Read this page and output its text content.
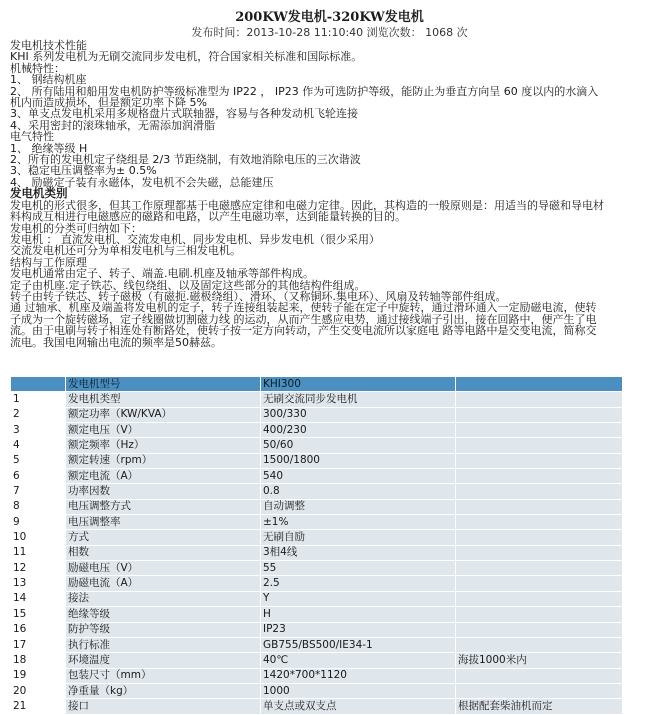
200KW发电机-320KW发电机
发布时间：2013-10-28 11:10:40 浏览次数： 1068 次

发电机技术性能

KHI 系列发电机为无刷交流同步发电机，符合国家相关标准和国际标准。

机械特性：

1、 钢结构机座

2、 所有陆用和船用发电机防护等级标准型为 IP22 ， IP23 作为可选防护等级，能防止为垂直方向呈 60 度以内的水滴入

机内而造成损坏，但是额定功率下降 5%

3、单支点发电机采用多规格盘片式联轴器，容易与各种发动机飞轮连接

4、采用密封的滚珠轴承，无需添加润滑脂

电气特性

1、 绝缘等级 H

2、所有的发电机定子绕组是 2/3 节距绕制，有效地消除电压的三次谐波

3、稳定电压调整率为± 0.5%

4、 励磁定子装有永磁体，发电机不会失磁，总能建压

发电机类别

发电机的形式很多，但其工作原理都基于电磁感应定律和电磁力定律。因此，其构造的一般原则是：用适当的导磁和导电材

料构成互相进行电磁感应的磁路和电路，以产生电磁功率，达到能量转换的目的。

发电机的分类可归纳如下：

发电机 ： 直流发电机、交流发电机、同步发电机、异步发电机（很少采用）

交流发电机还可分为单相发电机与三相发电机。

结构与工作原理

发电机通常由定子、转子、端盖.电刷.机座及轴承等部件构成。

定子由机座.定子铁芯、线包绕组、以及固定这些部分的其他结构件组成。

转子由转子铁芯、转子磁极（有磁扼.磁极绕组）、滑环、（又称铜环.集电环）、风扇及转轴等部件组成。

通 过轴承、机座及端盖将发电机的定子，转子连接组装起来，使转子能在定子中旋转，通过滑环通入一定励磁电流，使转

子成为一个旋转磁场，定子线圈做切割磁力线 的运动，从而产生感应电势，通过接线端子引出，接在回路中，便产生了电

流。由于电刷与转子相连处有断路处，使转子按一定方向转动，产生交变电流所以家庭电 路等电路中是交变电流，简称交

流电。我国电网输出电流的频率是50赫兹。

	发电机型号	KHI300	
1	发电机类型	无刷交流同步发电机	
2	额定功率（KW/KVA）	300/330	
3	额定电压（V）	400/230	
4	额定频率（Hz）	50/60	
5	额定转速（rpm）	1500/1800	
6	额定电流（A）	540	
7	功率因数	0.8	
8	电压调整方式	自动调整	
9	电压调整率	±1%	
10	方式	无刷自励	
11	相数	3相4线	
12	励磁电压（V）	55	
13	励磁电流（A）	2.5	
14	接法	Y	
15	绝缘等级	H	
16	防护等级	IP23	
17	执行标准	GB755/BS500/IE34-1	
18	环境温度	40℃	海拔1000米内
19	包装尺寸（mm）	1420*700*1120	
20	净重量（kg）	1000	
21	接口	单支点或双支点	根据配套柴油机而定
